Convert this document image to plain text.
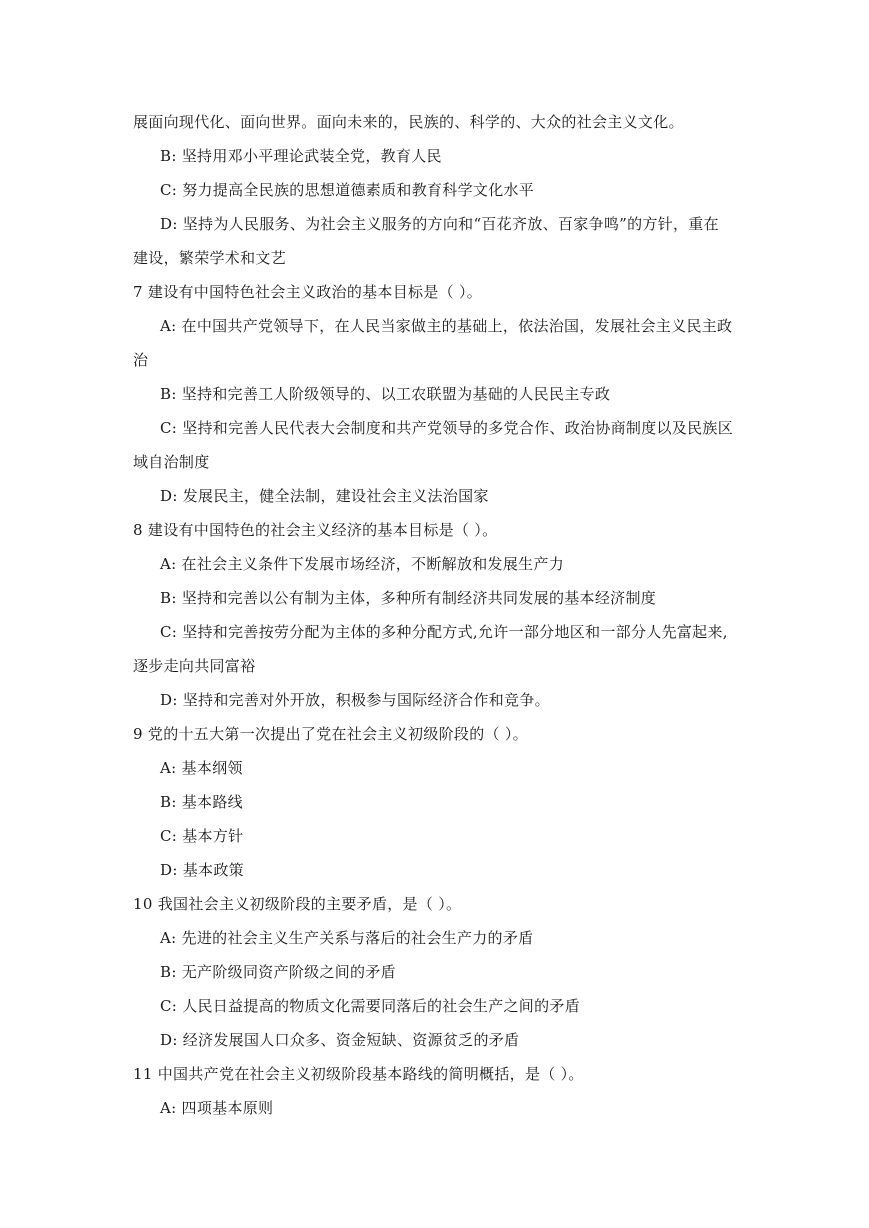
展面向现代化、面向世界。面向未来的，民族的、科学的、大众的社会主义文化。
B: 坚持用邓小平理论武装全党，教育人民
C: 努力提高全民族的思想道德素质和教育科学文化水平
D: 坚持为人民服务、为社会主义服务的方向和“百花齐放、百家争鸣”的方针，重在
建设，繁荣学术和文艺
7 建设有中国特色社会主义政治的基本目标是（ ）。
A: 在中国共产党领导下，在人民当家做主的基础上，依法治国，发展社会主义民主政
治
B: 坚持和完善工人阶级领导的、以工农联盟为基础的人民民主专政
C: 坚持和完善人民代表大会制度和共产党领导的多党合作、政治协商制度以及民族区
域自治制度
D: 发展民主，健全法制，建设社会主义法治国家
8 建设有中国特色的社会主义经济的基本目标是（ ）。
A: 在社会主义条件下发展市场经济，不断解放和发展生产力
B: 坚持和完善以公有制为主体，多种所有制经济共同发展的基本经济制度
C: 坚持和完善按劳分配为主体的多种分配方式,允许一部分地区和一部分人先富起来,
逐步走向共同富裕
D: 坚持和完善对外开放，积极参与国际经济合作和竞争。
9 党的十五大第一次提出了党在社会主义初级阶段的（ ）。
A: 基本纲领
B: 基本路线
C: 基本方针
D: 基本政策
10 我国社会主义初级阶段的主要矛盾，是（ ）。
A: 先进的社会主义生产关系与落后的社会生产力的矛盾
B: 无产阶级同资产阶级之间的矛盾
C: 人民日益提高的物质文化需要同落后的社会生产之间的矛盾
D: 经济发展国人口众多、资金短缺、资源贫乏的矛盾
11 中国共产党在社会主义初级阶段基本路线的简明概括，是（ ）。
A: 四项基本原则
